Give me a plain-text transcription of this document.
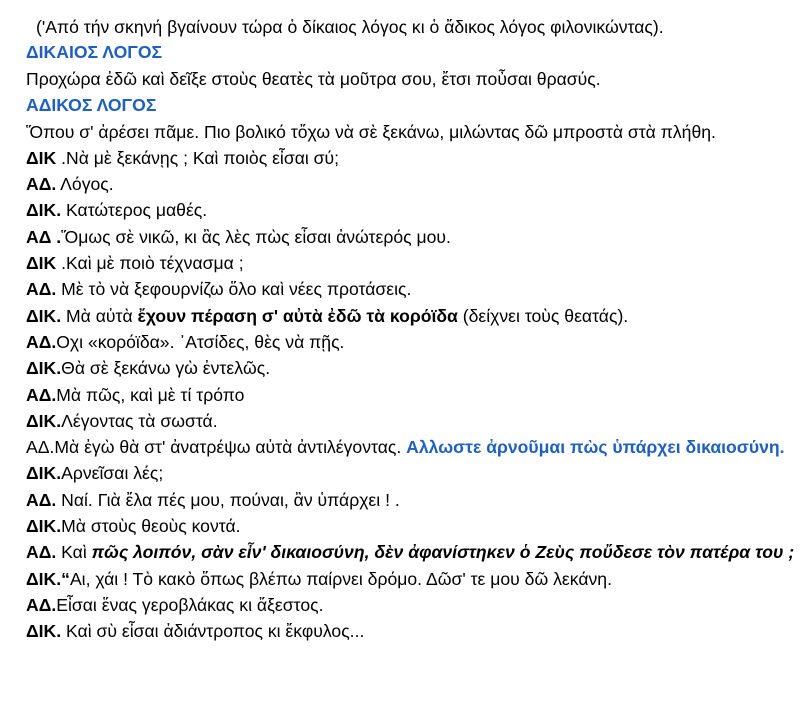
('Από τήν σκηνή βγαίνουν τώρα ὁ δίκαιος λόγος κι ὁ ἄδικος λόγος φιλονικώντας).
ΔΙΚΑΙΟΣ ΛΟΓΟΣ
Προχώρα ἐδῶ καὶ δεῖξε στοὺς θεατὲς τὰ μοῦτρα σου, ἔτσι ποὖσαι θρασύς.
ΑΔΙΚΟΣ ΛΟΓΟΣ
Ὅπου σ' ἀρέσει πᾶμε. Πιο βολικό τὄχω νὰ σὲ ξεκάνω, μιλώντας δῶ μπροστὰ στὰ πλήθη.
ΔΙΚ .Νὰ μὲ ξεκάνῃς ; Καὶ ποιὸς εἶσαι σύ;
ΑΔ. Λόγος.
ΔΙΚ. Κατώτερος μαθές.
ΑΔ .Ὅμως σὲ νικῶ, κι ἂς λὲς πὼς εἶσαι ἀνώτερός μου.
ΔΙΚ .Καὶ μὲ ποιὸ τέχνασμα ;
ΑΔ. Μὲ τὸ νὰ ξεφουρνίζω ὅλο καὶ νέες προτάσεις.
ΔΙΚ. Μὰ αὐτὰ ἔχουν πέραση σ' αὐτὰ ἐδῶ τὰ κορόϊδα (δείχνει τοὺς θεατάς).
ΑΔ.Οχι «κορόϊδα». ᾽Ατσίδες, θὲς νὰ πῇς.
ΔΙΚ.Θὰ σὲ ξεκάνω γὼ ἐντελῶς.
ΑΔ.Μὰ πῶς, καὶ μὲ τί τρόπο
ΔΙΚ.Λέγοντας τὰ σωστά.
ΑΔ.Μὰ ἐγὼ θὰ στ' ἀνατρέψω αὐτὰ ἀντιλέγοντας. Αλλωστε ἀρνοῦμαι πὼς ὑπάρχει δικαιοσύνη.
ΔΙΚ.Αρνεῖσαι λές;
ΑΔ. Ναί. Γιὰ ἔλα πές μου, πούναι, ἂν ὑπάρχει ! .
ΔΙΚ.Μὰ στοὺς θεοὺς κοντά.
ΑΔ. Καὶ πῶς λοιπόν, σὰν εἶν' δικαιοσύνη, δὲν ἀφανίστηκεν ὁ Ζεὺς ποὔδεσε τὸν πατέρα του ;
ΔΙΚ.“Αι, χάι ! Τὸ κακὸ ὅπως βλέπω παίρνει δρόμο. Δῶσ' τε μου δῶ λεκάνη.
ΑΔ.Εἶσαι ἕνας γεροβλάκας κι ἄξεστος.
ΔΙΚ. Καὶ σὺ εἶσαι ἀδιάντροπος κι ἔκφυλος...
